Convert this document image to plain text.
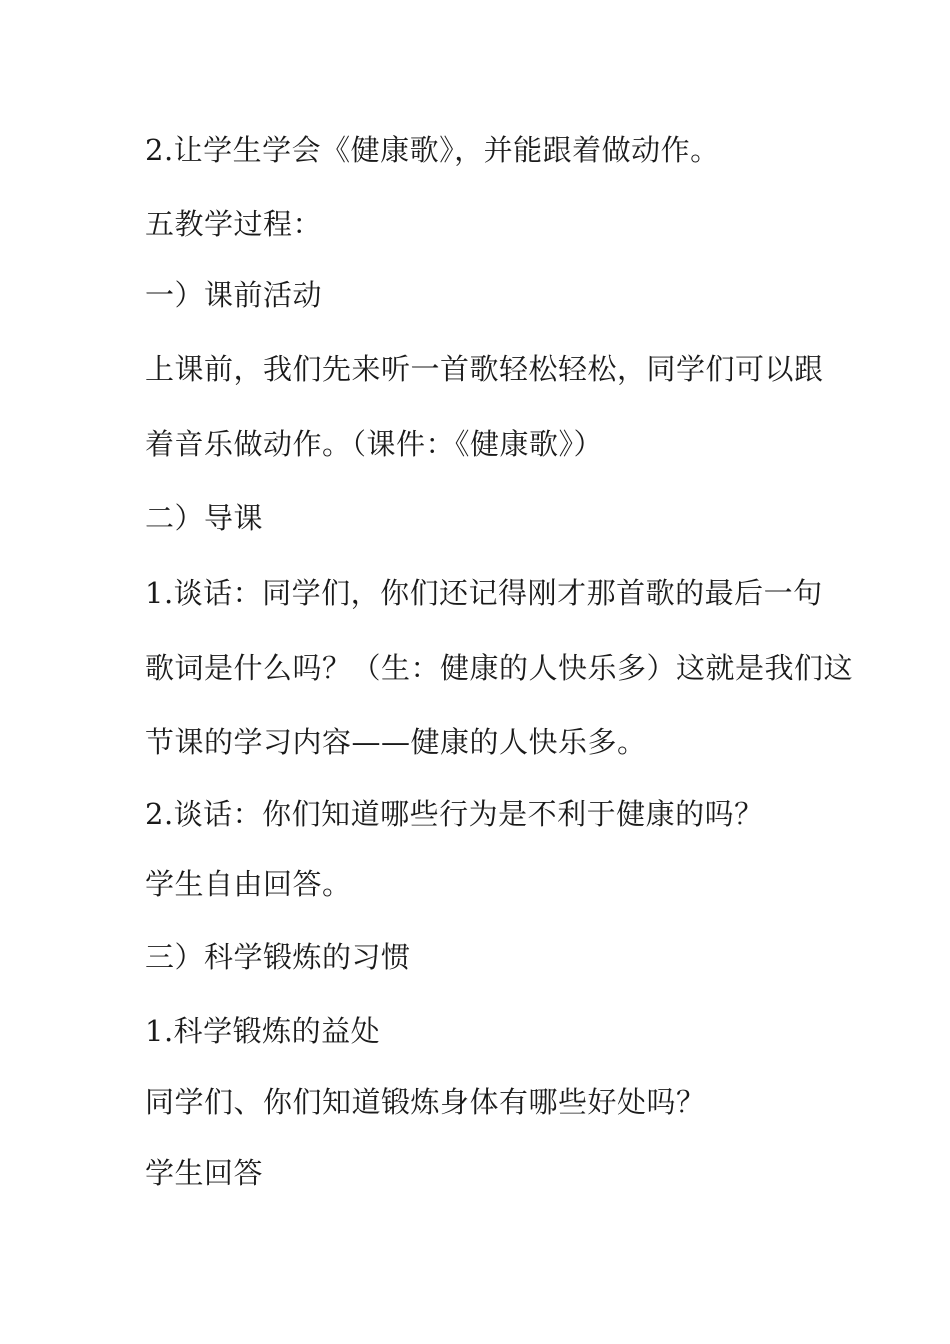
2.让学生学会《健康歌》，并能跟着做动作。
五教学过程：
一）课前活动
上课前，我们先来听一首歌轻松轻松，同学们可以跟
着音乐做动作。（课件：《健康歌》）
二）导课
1.谈话：同学们，你们还记得刚才那首歌的最后一句
歌词是什么吗？（生：健康的人快乐多）这就是我们这
节课的学习内容——健康的人快乐多。
2.谈话：你们知道哪些行为是不利于健康的吗？
学生自由回答。
三）科学锻炼的习惯
1.科学锻炼的益处
同学们、你们知道锻炼身体有哪些好处吗？
学生回答
